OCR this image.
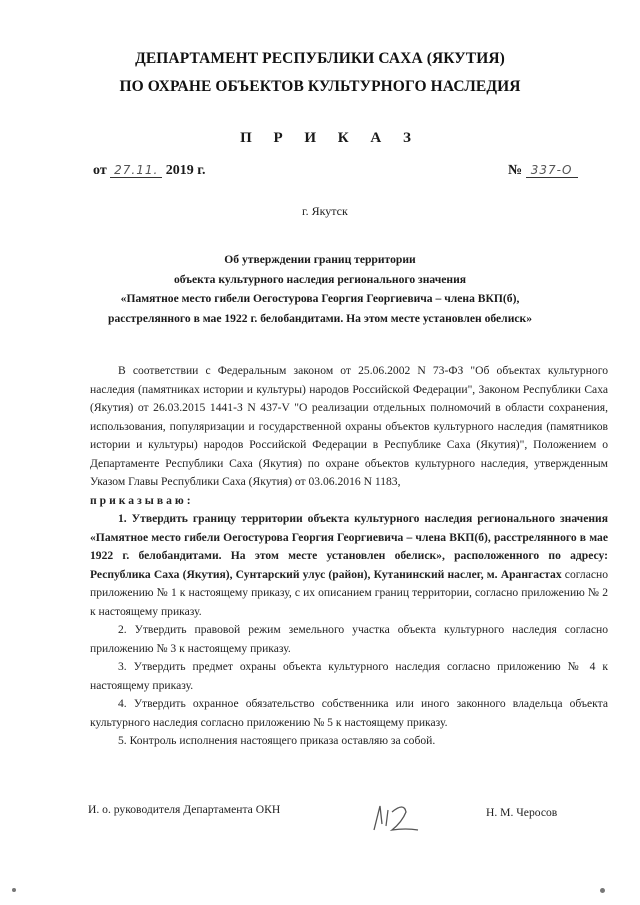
ДЕПАРТАМЕНТ РЕСПУБЛИКИ САХА (ЯКУТИЯ)
ПО ОХРАНЕ ОБЪЕКТОВ КУЛЬТУРНОГО НАСЛЕДИЯ
П Р И К А З
от 27.11. 2019 г.	№ 337-О
г. Якутск
Об утверждении границ территории
объекта культурного наследия регионального значения
«Памятное место гибели Оегостурова Георгия Георгиевича – члена ВКП(б),
расстрелянного в мае 1922 г. белобандитами. На этом месте установлен обелиск»

В соответствии с Федеральным законом от 25.06.2002 N 73-ФЗ "Об объектах культурного наследия (памятниках истории и культуры) народов Российской Федерации", Законом Республики Саха (Якутия) от 26.03.2015 1441-З N 437-V "О реализации отдельных полномочий в области сохранения, использования, популяризации и государственной охраны объектов культурного наследия (памятников истории и культуры) народов Российской Федерации в Республике Саха (Якутия)", Положением о Департаменте Республики Саха (Якутия) по охране объектов культурного наследия, утвержденным Указом Главы Республики Саха (Якутия) от 03.06.2016 N 1183,

приказываю:

1. Утвердить границу территории объекта культурного наследия регионального значения «Памятное место гибели Оегостурова Георгия Георгиевича – члена ВКП(б), расстрелянного в мае 1922 г. белобандитами. На этом месте установлен обелиск», расположенного по адресу: Республика Саха (Якутия), Сунтарский улус (район), Кутанинский наслег, м. Арангастах согласно приложению № 1 к настоящему приказу, с их описанием границ территории, согласно приложению № 2 к настоящему приказу.

2. Утвердить правовой режим земельного участка объекта культурного наследия согласно приложению № 3 к настоящему приказу.

3. Утвердить предмет охраны объекта культурного наследия согласно приложению № 4 к настоящему приказу.

4. Утвердить охранное обязательство собственника или иного законного владельца объекта культурного наследия согласно приложению № 5 к настоящему приказу.

5. Контроль исполнения настоящего приказа оставляю за собой.

И. о. руководителя Департамента ОКН	Н. М. Черосов
